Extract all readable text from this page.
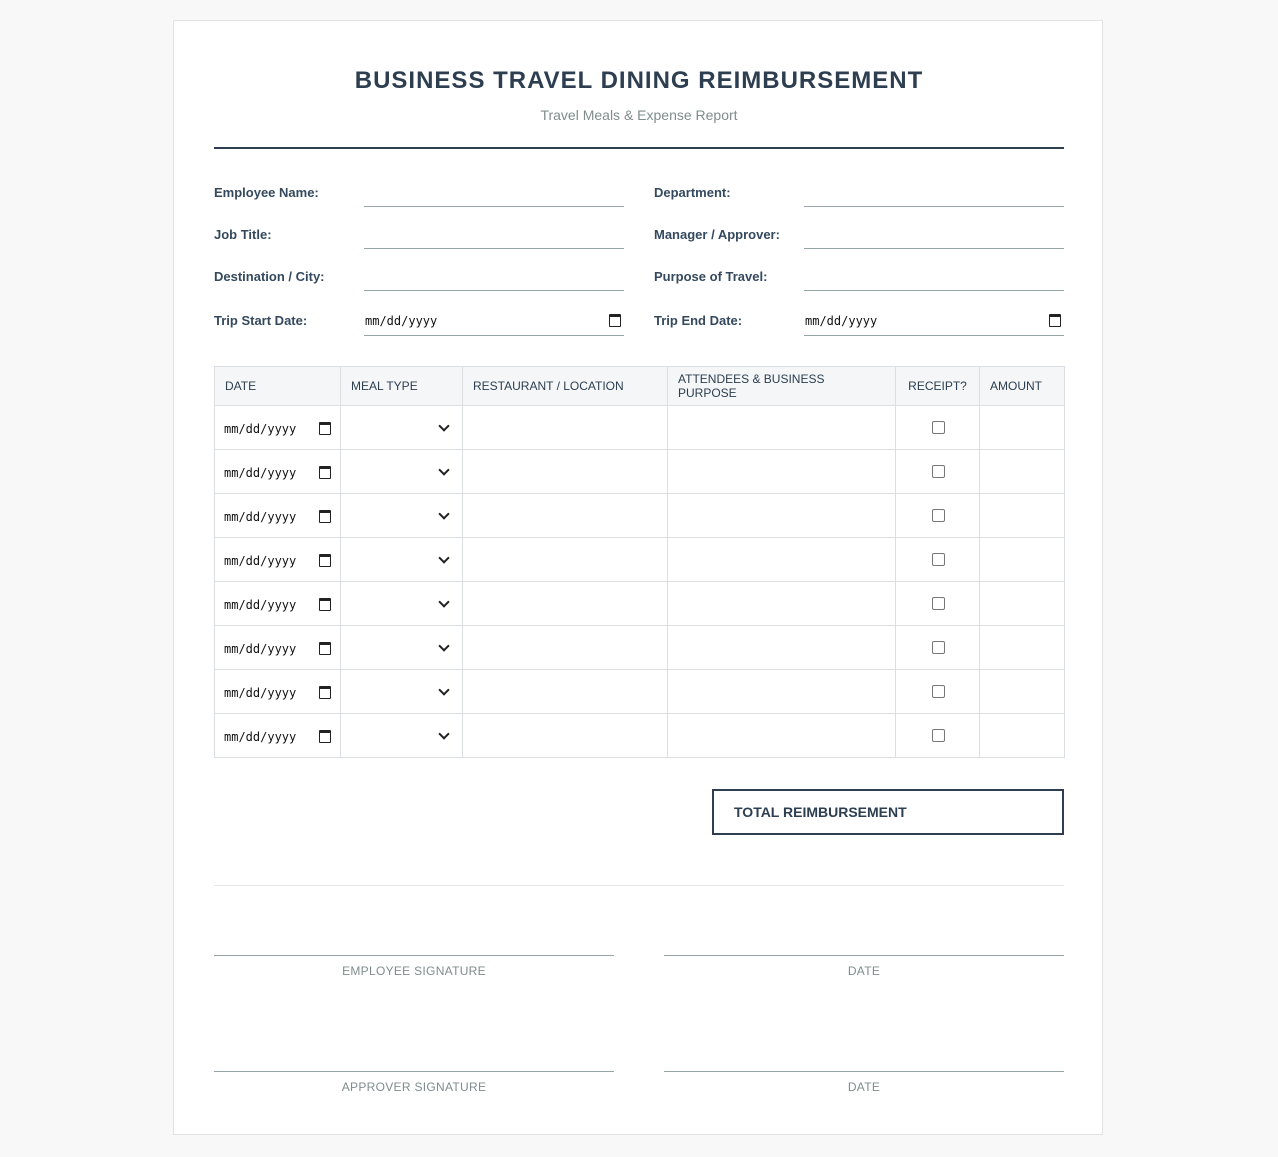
BUSINESS TRAVEL DINING REIMBURSEMENT
Travel Meals & Expense Report
Employee Name:	Department:
Job Title:	Manager / Approver:
Destination / City:	Purpose of Travel:
Trip Start Date:	mm/dd/yyyy	Trip End Date:	mm/dd/yyyy
DATE	MEAL TYPE	RESTAURANT / LOCATION	ATTENDEES & BUSINESS PURPOSE	RECEIPT?	AMOUNT

mm/dd/yyyy					

mm/dd/yyyy					

mm/dd/yyyy					

mm/dd/yyyy					

mm/dd/yyyy					

mm/dd/yyyy					

mm/dd/yyyy					

mm/dd/yyyy					

TOTAL REIMBURSEMENT
EMPLOYEE SIGNATURE	DATE
APPROVER SIGNATURE	DATE
